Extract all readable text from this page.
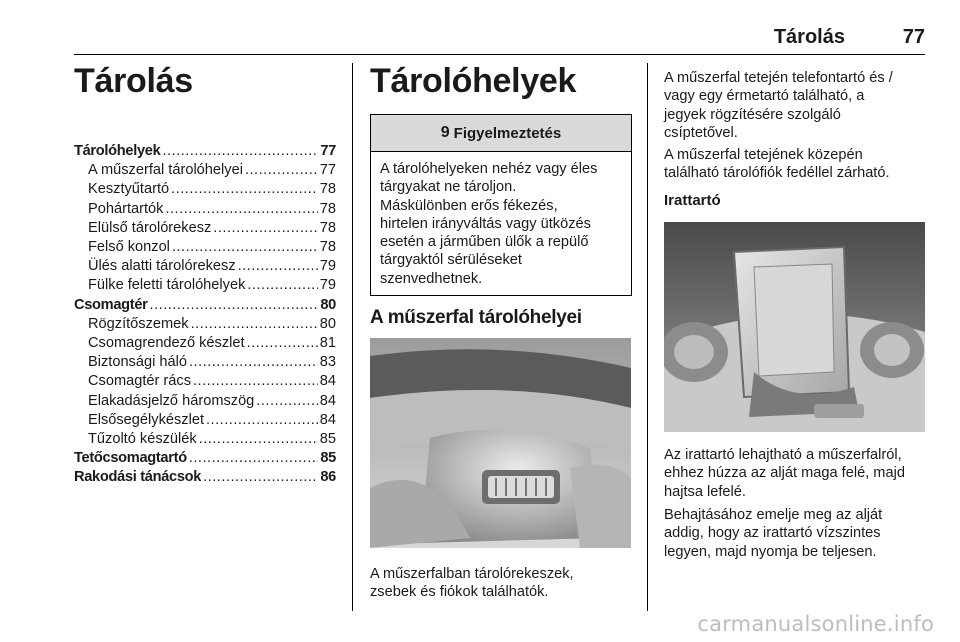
Tárolás	77
Tárolás
Tárolóhelyek .....	77
A műszerfal tárolóhelyei .....	77
Kesztyűtartó .....	78
Pohártartók .....	78
Elülső tárolórekesz .....	78
Felső konzol .....	78
Ülés alatti tárolórekesz .....	79
Fülke feletti tárolóhelyek .....	79
Csomagtér .....	80
Rögzítőszemek .....	80
Csomagrendező készlet .....	81
Biztonsági háló .....	83
Csomagtér rács .....	84
Elakadásjelző háromszög .....	84
Elsősegélykészlet .....	84
Tűzoltó készülék .....	85
Tetőcsomagtartó .....	85
Rakodási tánácsok .....	86
Tárolóhelyek
9 Figyelmeztetés
A tárolóhelyeken nehéz vagy éles
tárgyakat ne tároljon.
Máskülönben erős fékezés,
hirtelen irányváltás vagy ütközés
esetén a járműben ülők a repülő
tárgyaktól sérüléseket
szenvedhetnek.
A műszerfal tárolóhelyei
A műszerfalban tárolórekeszek,
zsebek és fiókok találhatók.
A műszerfal tetején telefontartó és /
vagy egy érmetartó található, a
jegyek rögzítésére szolgáló
csíptetővel.
A műszerfal tetejének közepén
található tárolófiók fedéllel zárható.
Irattartó
Az irattartó lehajtható a műszerfalról,
ehhez húzza az alját maga felé, majd
hajtsa lefelé.
Behajtásához emelje meg az alját
addig, hogy az irattartó vízszintes
legyen, majd nyomja be teljesen.
carmanualsonline.info
